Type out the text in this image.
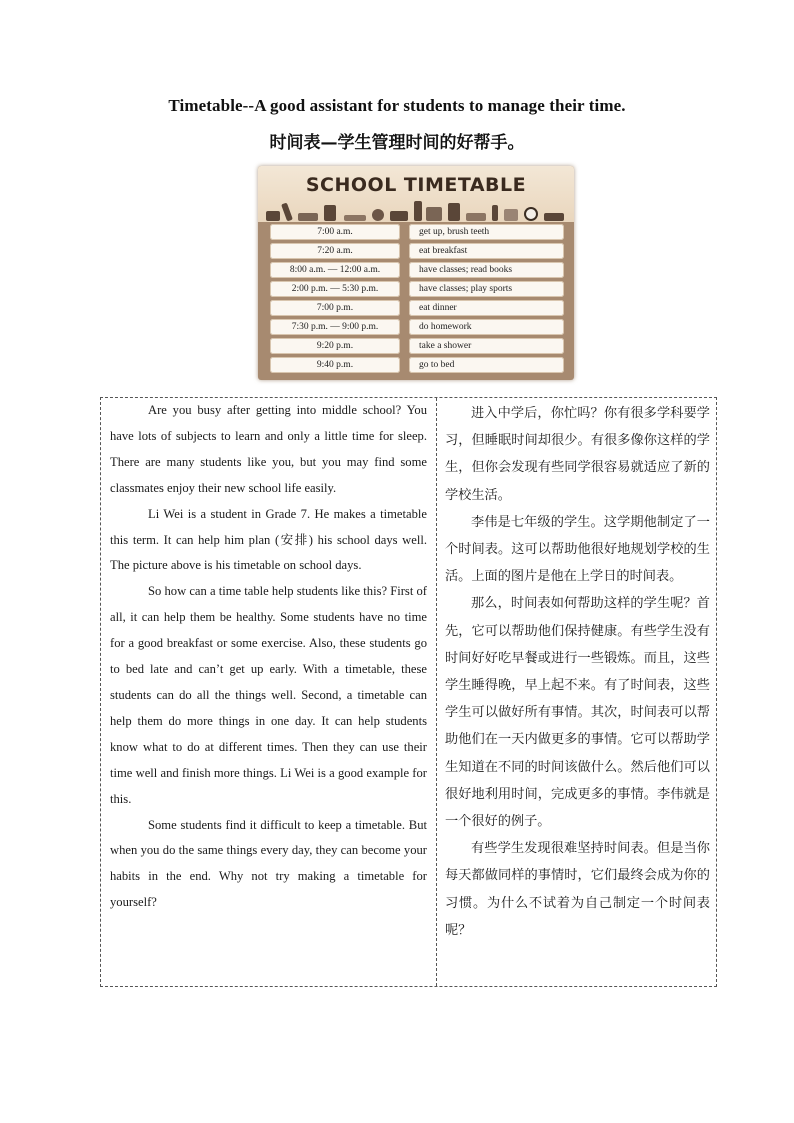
Timetable--A good assistant for students to manage their time.
时间表—学生管理时间的好帮手。
SCHOOL TIMETABLE
7:00 a.m.
7:20 a.m.
8:00 a.m. — 12:00 a.m.
2:00 p.m. — 5:30 p.m.
7:00 p.m.
7:30 p.m. — 9:00 p.m.
9:20 p.m.
9:40 p.m.
get up, brush teeth
eat breakfast
have classes; read books
have classes; play sports
eat dinner
do homework
take a shower
go to bed

Are you busy after getting into middle school? You have lots of subjects to learn and only a little time for sleep. There are many students like you, but you may find some classmates enjoy their new school life easily.

Li Wei is a student in Grade 7. He makes a timetable this term. It can help him plan (安排) his school days well. The picture above is his timetable on school days.

So how can a time table help students like this? First of all, it can help them be healthy. Some students have no time for a good breakfast or some exercise. Also, these students go to bed late and can’t get up early. With a timetable, these students can do all the things well. Second, a timetable can help them do more things in one day. It can help students know what to do at different times. Then they can use their time well and finish more things. Li Wei is a good example for this.

Some students find it difficult to keep a timetable. But when you do the same things every day, they can become your habits in the end. Why not try making a timetable for yourself?

进入中学后，你忙吗？你有很多学科要学习，但睡眠时间却很少。有很多像你这样的学生，但你会发现有些同学很容易就适应了新的学校生活。

李伟是七年级的学生。这学期他制定了一个时间表。这可以帮助他很好地规划学校的生活。上面的图片是他在上学日的时间表。

那么，时间表如何帮助这样的学生呢？首先，它可以帮助他们保持健康。有些学生没有时间好好吃早餐或进行一些锻炼。而且，这些学生睡得晚，早上起不来。有了时间表，这些学生可以做好所有事情。其次，时间表可以帮助他们在一天内做更多的事情。它可以帮助学生知道在不同的时间该做什么。然后他们可以很好地利用时间，完成更多的事情。李伟就是一个很好的例子。

有些学生发现很难坚持时间表。但是当你每天都做同样的事情时，它们最终会成为你的习惯。为什么不试着为自己制定一个时间表呢？
